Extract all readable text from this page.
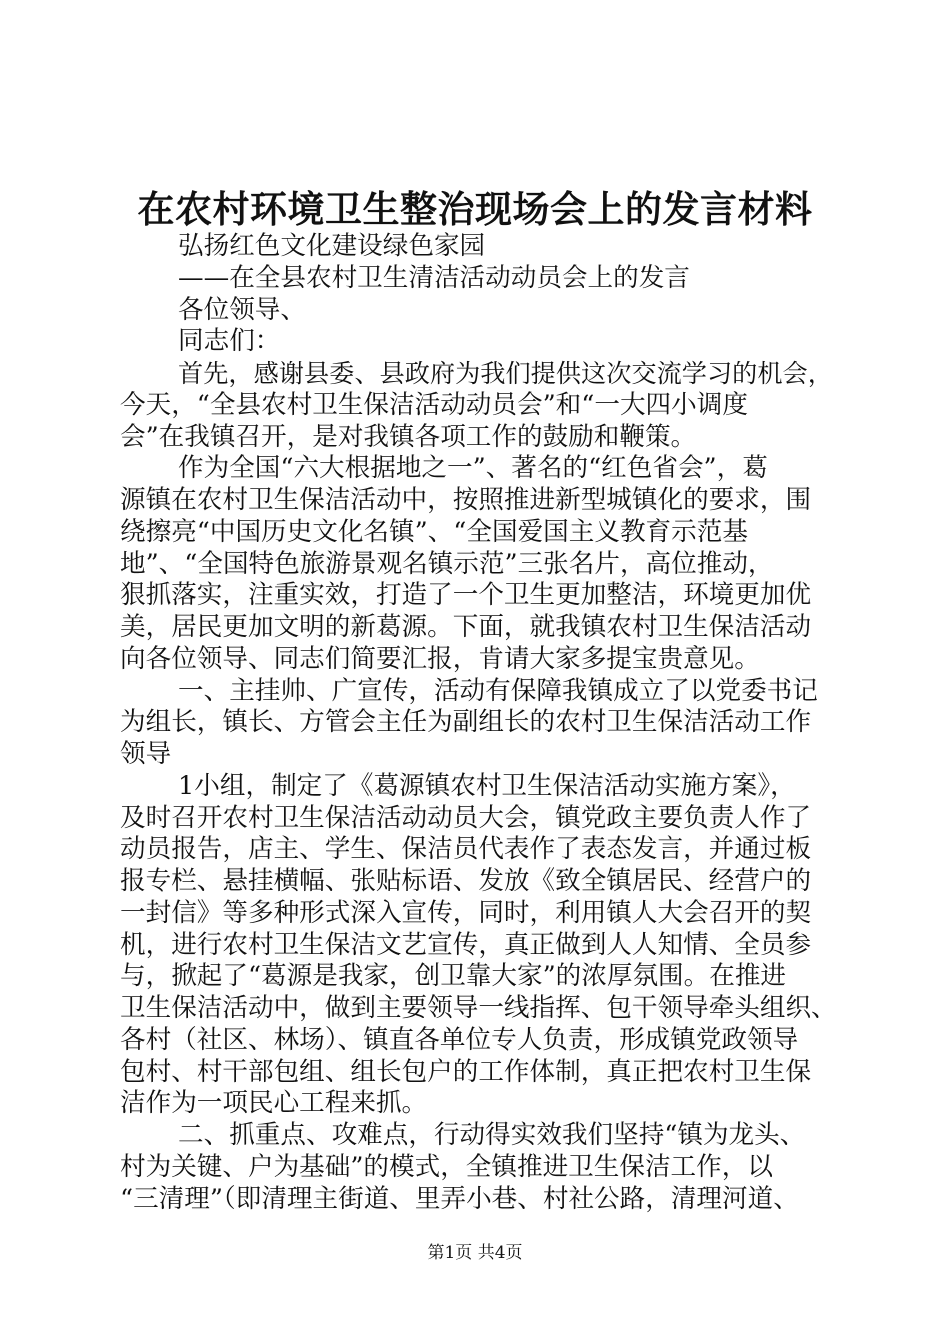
在农村环境卫生整治现场会上的发言材料

弘扬红色文化建设绿色家园

——在全县农村卫生清洁活动动员会上的发言

各位领导、

同志们：

首先，感谢县委、县政府为我们提供这次交流学习的机会，

今天，“全县农村卫生保洁活动动员会”和“一大四小调度

会”在我镇召开，是对我镇各项工作的鼓励和鞭策。

作为全国“六大根据地之一”、著名的“红色省会”，葛

源镇在农村卫生保洁活动中，按照推进新型城镇化的要求，围

绕擦亮“中国历史文化名镇”、“全国爱国主义教育示范基

地”、“全国特色旅游景观名镇示范”三张名片，高位推动，

狠抓落实，注重实效，打造了一个卫生更加整洁，环境更加优

美，居民更加文明的新葛源。下面，就我镇农村卫生保洁活动

向各位领导、同志们简要汇报，肯请大家多提宝贵意见。

一、主挂帅、广宣传，活动有保障我镇成立了以党委书记

为组长，镇长、方管会主任为副组长的农村卫生保洁活动工作

领导

1小组，制定了《葛源镇农村卫生保洁活动实施方案》，

及时召开农村卫生保洁活动动员大会，镇党政主要负责人作了

动员报告，店主、学生、保洁员代表作了表态发言，并通过板

报专栏、悬挂横幅、张贴标语、发放《致全镇居民、经营户的

一封信》等多种形式深入宣传，同时，利用镇人大会召开的契

机，进行农村卫生保洁文艺宣传，真正做到人人知情、全员参

与，掀起了“葛源是我家，创卫靠大家”的浓厚氛围。在推进

卫生保洁活动中，做到主要领导一线指挥、包干领导牵头组织、

各村（社区、林场）、镇直各单位专人负责，形成镇党政领导

包村、村干部包组、组长包户的工作体制，真正把农村卫生保

洁作为一项民心工程来抓。

二、抓重点、攻难点，行动得实效我们坚持“镇为龙头、

村为关键、户为基础”的模式，全镇推进卫生保洁工作，以

“三清理”（即清理主街道、里弄小巷、村社公路，清理河道、

第1页 共4页
